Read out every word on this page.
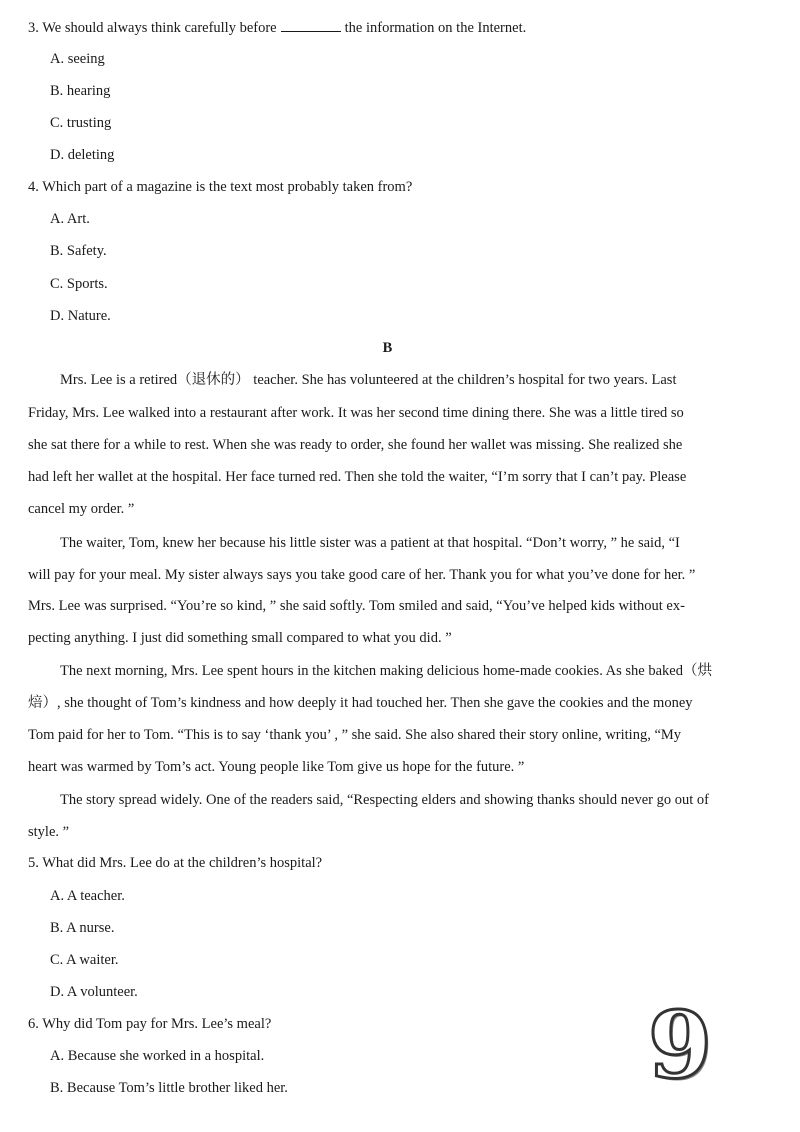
3. We should always think carefully before	the information on the Internet.
A. seeing
B. hearing
C. trusting
D. deleting
4. Which part of a magazine is the text most probably taken from?
A. Art.
B. Safety.
C. Sports.
D. Nature.
B
Mrs. Lee is a retired（退休的） teacher. She has volunteered at the children’s hospital for two years. Last
Friday, Mrs. Lee walked into a restaurant after work. It was her second time dining there. She was a little tired so
she sat there for a while to rest. When she was ready to order, she found her wallet was missing. She realized she
had left her wallet at the hospital. Her face turned red. Then she told the waiter, “I’m sorry that I can’t pay. Please
cancel my order. ”
The waiter, Tom, knew her because his little sister was a patient at that hospital. “Don’t worry, ” he said, “I
will pay for your meal. My sister always says you take good care of her. Thank you for what you’ve done for her. ”
Mrs. Lee was surprised. “You’re so kind, ” she said softly. Tom smiled and said, “You’ve helped kids without ex-
pecting anything. I just did something small compared to what you did. ”
The next morning, Mrs. Lee spent hours in the kitchen making delicious home-made cookies. As she baked（烘
焙）, she thought of Tom’s kindness and how deeply it had touched her. Then she gave the cookies and the money
Tom paid for her to Tom. “This is to say ‘thank you’ , ” she said. She also shared their story online, writing, “My
heart was warmed by Tom’s act. Young people like Tom give us hope for the future. ”
The story spread widely. One of the readers said, “Respecting elders and showing thanks should never go out of
style. ”
5. What did Mrs. Lee do at the children’s hospital?
A. A teacher.
B. A nurse.
C. A waiter.
D. A volunteer.
6. Why did Tom pay for Mrs. Lee’s meal?
A. Because she worked in a hospital.
B. Because Tom’s little brother liked her.	9
